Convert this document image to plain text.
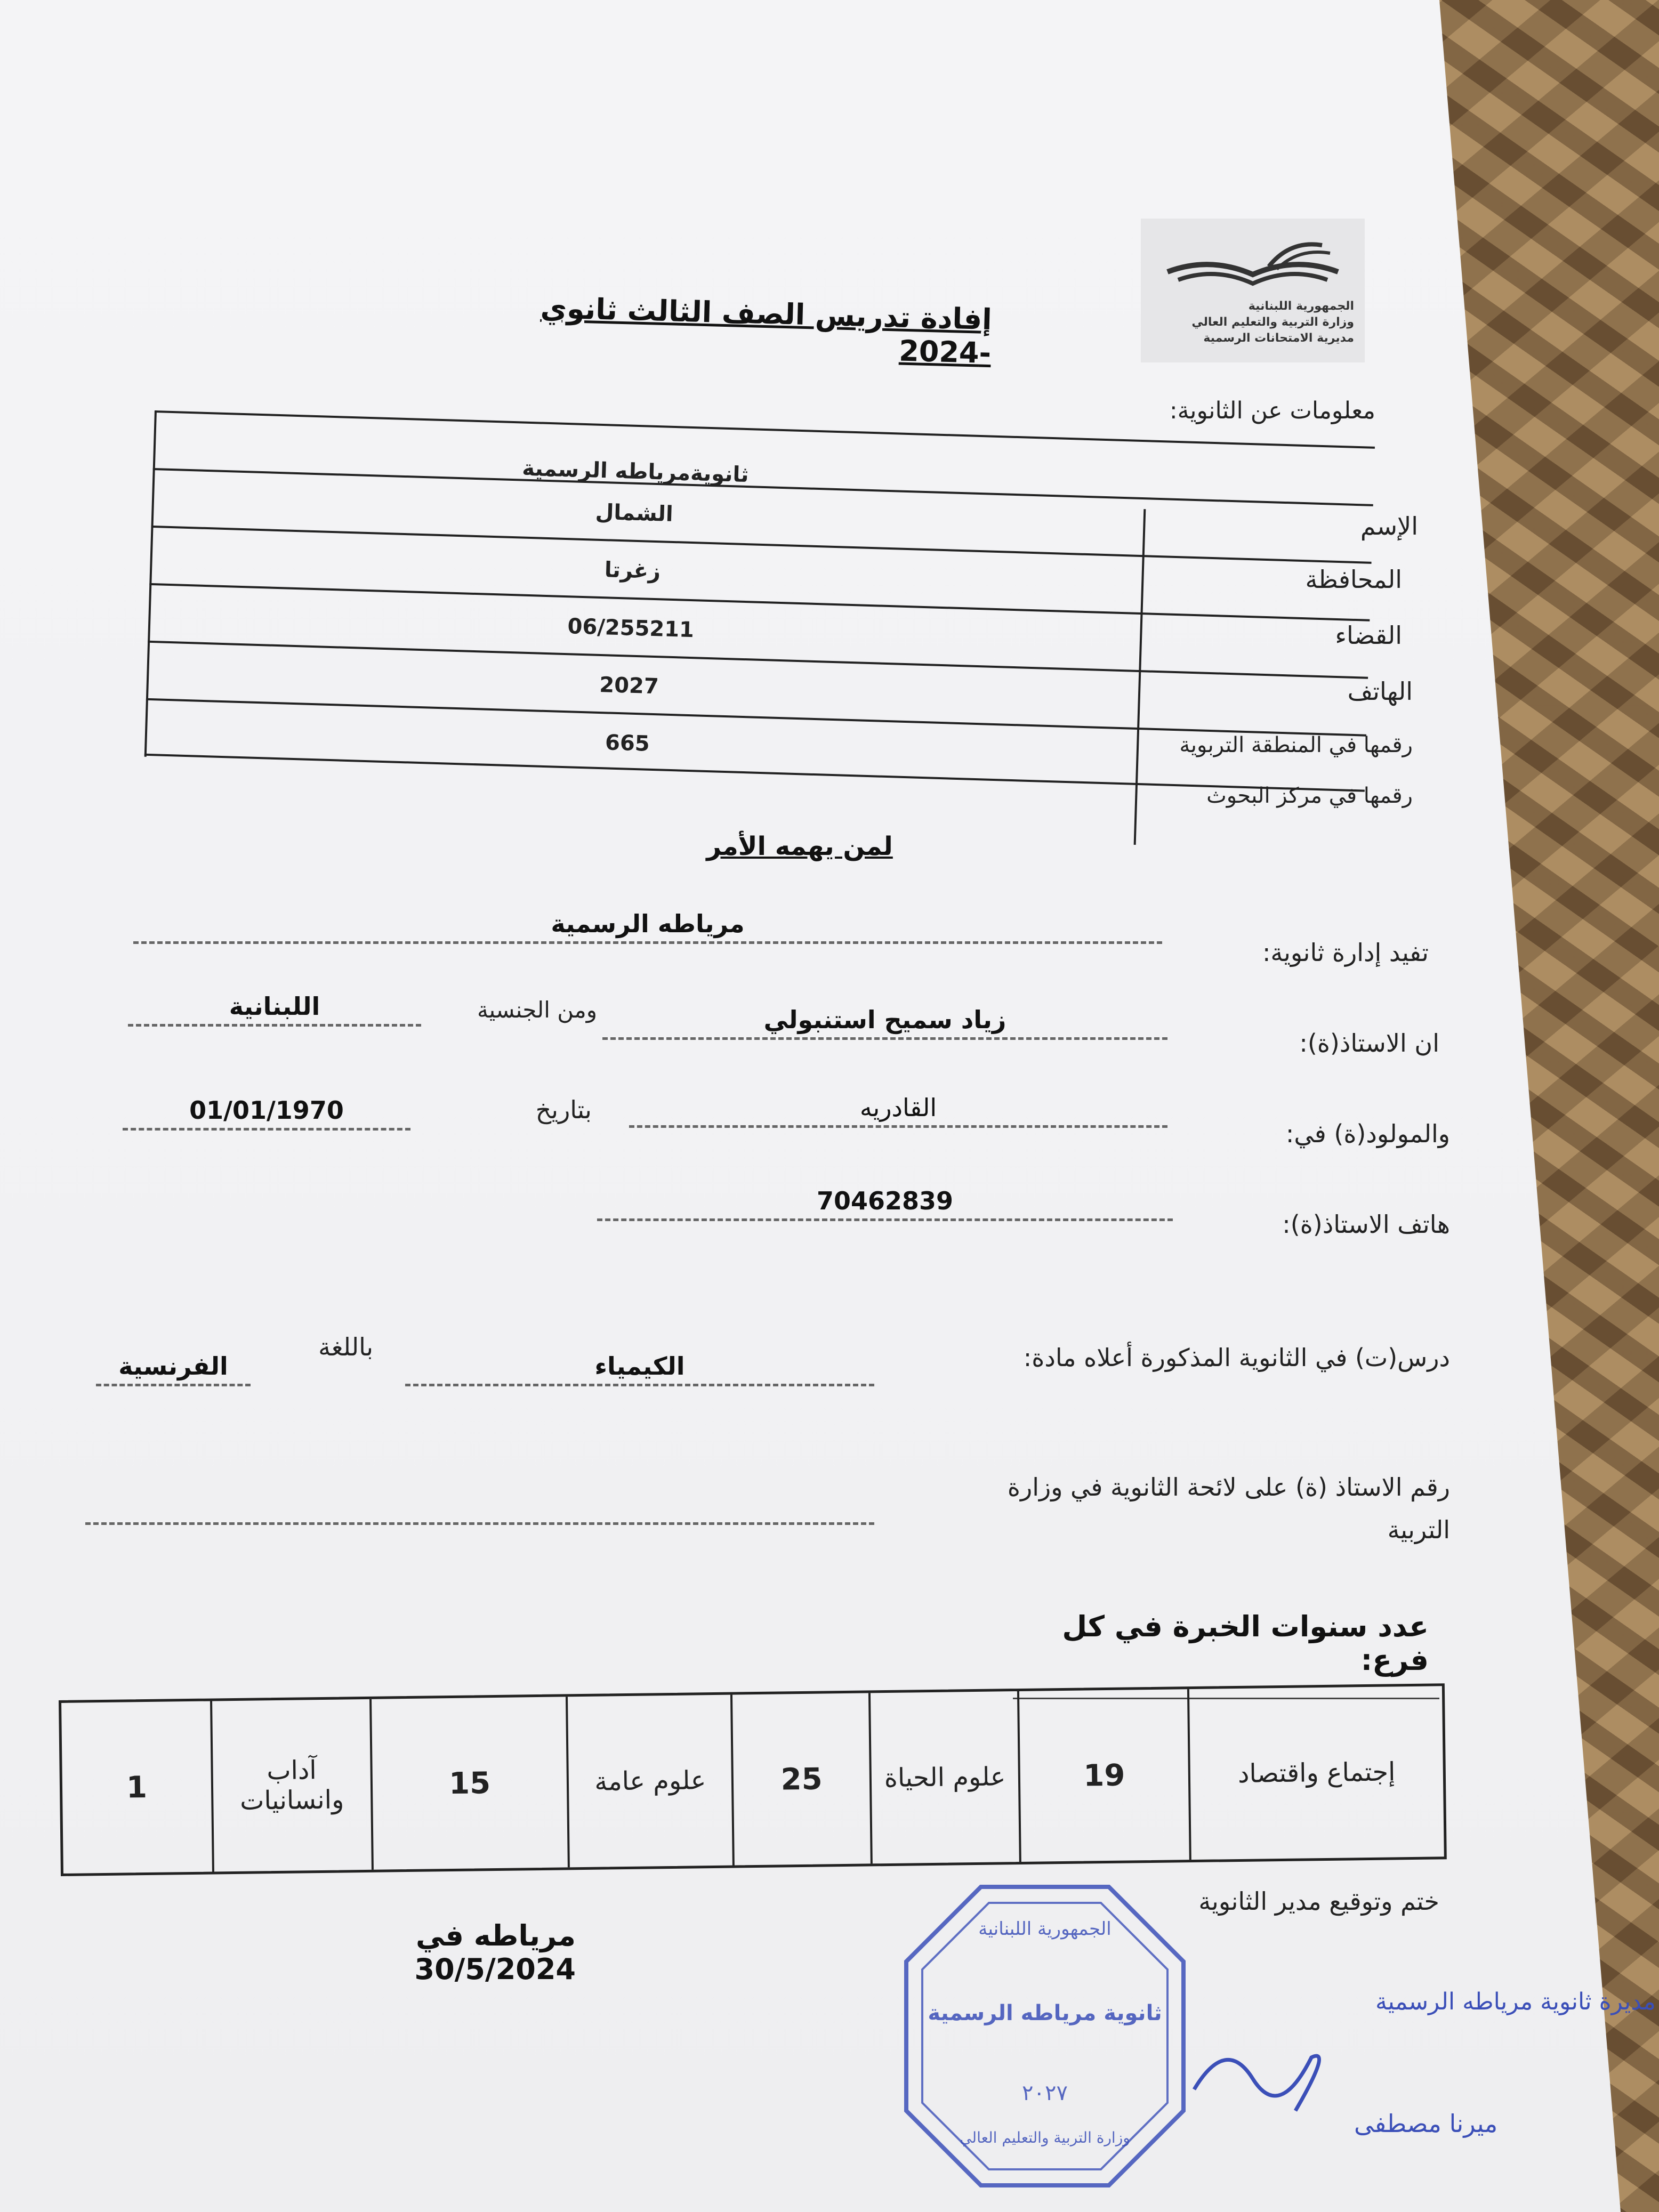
الجمهورية اللبنانية
وزارة التربية والتعليم العالي
مديرية الامتحانات الرسمية
إفادة تدريس الصف الثالث ثانوي -2024
معلومات عن الثانوية:
ثانويةمرياطه الرسمية
الشمال
زغرتا
06/255211
2027
665
الإسم
المحافظة
القضاء
الهاتف
رقمها في المنطقة التربوية
رقمها في مركز البحوث
لمن يهمه الأمر
تفيد إدارة ثانوية:
مرياطه الرسمية
ان الاستاذ(ة):
زياد سميح استنبولي
ومن الجنسية
اللبنانية
والمولود(ة) في:
القادريه
بتاريخ
01/01/1970
هاتف الاستاذ(ة):
70462839
درس(ت) في الثانوية المذكورة أعلاه مادة:
الكيمياء
باللغة
الفرنسية
رقم الاستاذ (ة) على لائحة الثانوية في وزارة التربية
عدد سنوات الخبرة في كل فرع:
إجتماع واقتصاد
19
علوم الحياة
25
علوم عامة
15
آداب وانسانيات
1
ختم وتوقيع مدير الثانوية
مرياطه في 30/5/2024
الجمهورية اللبنانية
ثانوية مرياطه الرسمية
٢٠٢٧
وزارة التربية والتعليم العالي
مديرة ثانوية مرياطه الرسمية
ميرنا مصطفى
